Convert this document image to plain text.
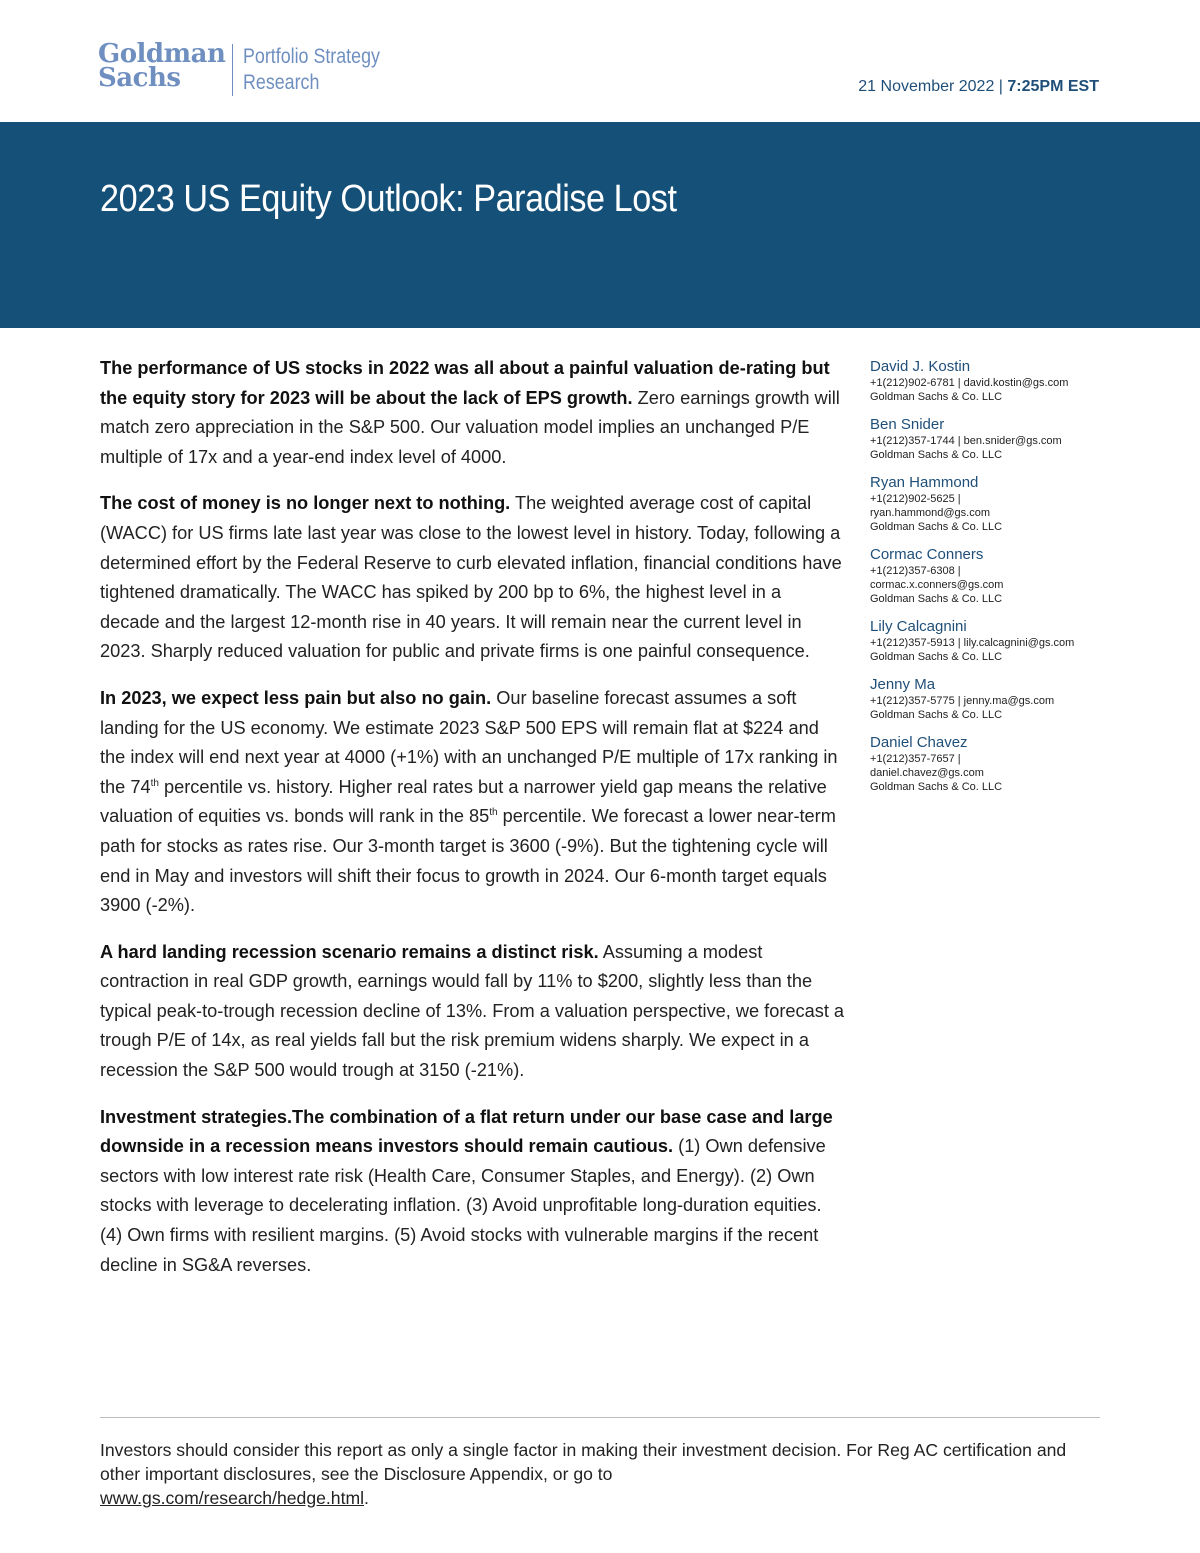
Goldman
Sachs
Portfolio Strategy
Research	21 November 2022 | 7:25PM EST
2023 US Equity Outlook: Paradise Lost

The performance of US stocks in 2022 was all about a painful valuation de-rating but the equity story for 2023 will be about the lack of EPS growth. Zero earnings growth will match zero appreciation in the S&P 500. Our valuation model implies an unchanged P/E multiple of 17x and a year-end index level of 4000.

The cost of money is no longer next to nothing. The weighted average cost of capital (WACC) for US firms late last year was close to the lowest level in history. Today, following a determined effort by the Federal Reserve to curb elevated inflation, financial conditions have tightened dramatically. The WACC has spiked by 200 bp to 6%, the highest level in a decade and the largest 12-month rise in 40 years. It will remain near the current level in 2023. Sharply reduced valuation for public and private firms is one painful consequence.

In 2023, we expect less pain but also no gain. Our baseline forecast assumes a soft landing for the US economy. We estimate 2023 S&P 500 EPS will remain flat at $224 and the index will end next year at 4000 (+1%) with an unchanged P/E multiple of 17x ranking in the 74th percentile vs. history. Higher real rates but a narrower yield gap means the relative valuation of equities vs. bonds will rank in the 85th percentile. We forecast a lower near-term path for stocks as rates rise. Our 3-month target is 3600 (-9%). But the tightening cycle will end in May and investors will shift their focus to growth in 2024. Our 6-month target equals 3900 (-2%).

A hard landing recession scenario remains a distinct risk. Assuming a modest contraction in real GDP growth, earnings would fall by 11% to $200, slightly less than the typical peak-to-trough recession decline of 13%. From a valuation perspective, we forecast a trough P/E of 14x, as real yields fall but the risk premium widens sharply. We expect in a recession the S&P 500 would trough at 3150 (-21%).

Investment strategies.The combination of a flat return under our base case and large downside in a recession means investors should remain cautious. (1) Own defensive sectors with low interest rate risk (Health Care, Consumer Staples, and Energy). (2) Own stocks with leverage to decelerating inflation. (3) Avoid unprofitable long-duration equities. (4) Own firms with resilient margins. (5) Avoid stocks with vulnerable margins if the recent decline in SG&A reverses.

David J. Kostin
+1(212)902-6781 | david.kostin@gs.com
Goldman Sachs & Co. LLC
Ben Snider
+1(212)357-1744 | ben.snider@gs.com
Goldman Sachs & Co. LLC
Ryan Hammond
+1(212)902-5625 |
ryan.hammond@gs.com
Goldman Sachs & Co. LLC
Cormac Conners
+1(212)357-6308 |
cormac.x.conners@gs.com
Goldman Sachs & Co. LLC
Lily Calcagnini
+1(212)357-5913 | lily.calcagnini@gs.com
Goldman Sachs & Co. LLC
Jenny Ma
+1(212)357-5775 | jenny.ma@gs.com
Goldman Sachs & Co. LLC
Daniel Chavez
+1(212)357-7657 |
daniel.chavez@gs.com
Goldman Sachs & Co. LLC
Investors should consider this report as only a single factor in making their investment decision. For Reg AC certification and other important disclosures, see the Disclosure Appendix, or go to
www.gs.com/research/hedge.html.
